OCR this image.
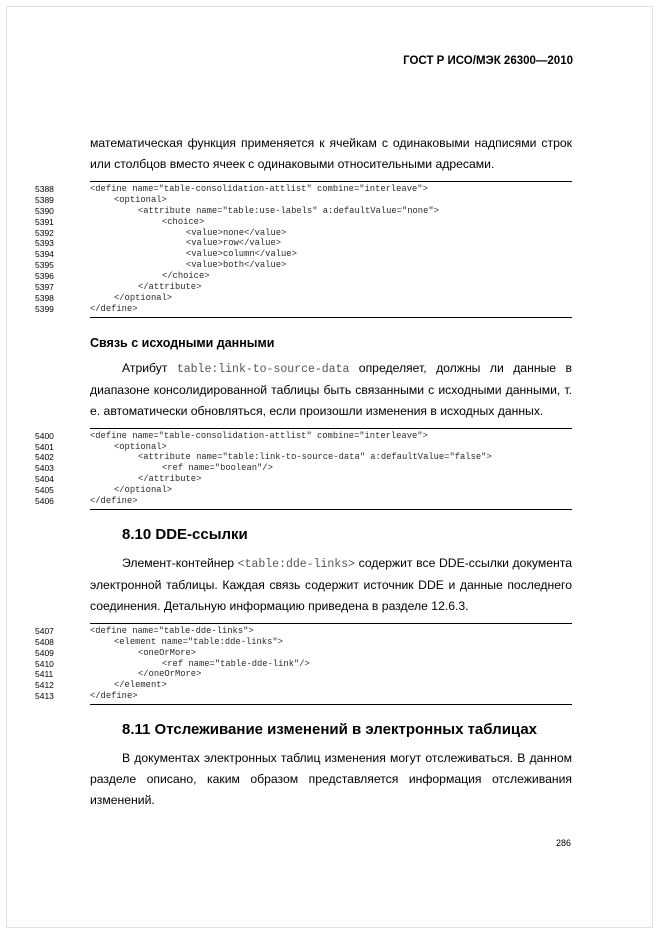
ГОСТ Р ИСО/МЭК 26300—2010

математическая функция применяется к ячейкам с одинаковыми надписями строк или столбцов вместо ячеек с одинаковыми относительными адресами.

5388	<define name="table-consolidation-attlist" combine="interleave">
5389	<optional>
5390	<attribute name="table:use-labels" a:defaultValue="none">
5391	<choice>
5392	<value>none</value>
5393	<value>row</value>
5394	<value>column</value>
5395	<value>both</value>
5396	</choice>
5397	</attribute>
5398	</optional>
5399	</define>
Связь с исходными данными

Атрибут table:link-to-source-data определяет, должны ли данные в диапазоне консолидированной таблицы быть связанными с исходными данными, т. е. автоматически обновляться, если произошли изменения в исходных данных.

5400	<define name="table-consolidation-attlist" combine="interleave">
5401	<optional>
5402	<attribute name="table:link-to-source-data" a:defaultValue="false">
5403	<ref name="boolean"/>
5404	</attribute>
5405	</optional>
5406	</define>
8.10 DDE-ссылки

Элемент-контейнер <table:dde-links> содержит все DDE-ссылки документа электронной таблицы. Каждая связь содержит источник DDE и данные последнего соединения. Детальную информацию приведена в разделе 12.6.3.

5407	<define name="table-dde-links">
5408	<element name="table:dde-links">
5409	<oneOrMore>
5410	<ref name="table-dde-link"/>
5411	</oneOrMore>
5412	</element>
5413	</define>
8.11 Отслеживание изменений в электронных таблицах

В документах электронных таблиц изменения могут отслеживаться. В данном разделе описано, каким образом представляется информация отслеживания изменений.

286
